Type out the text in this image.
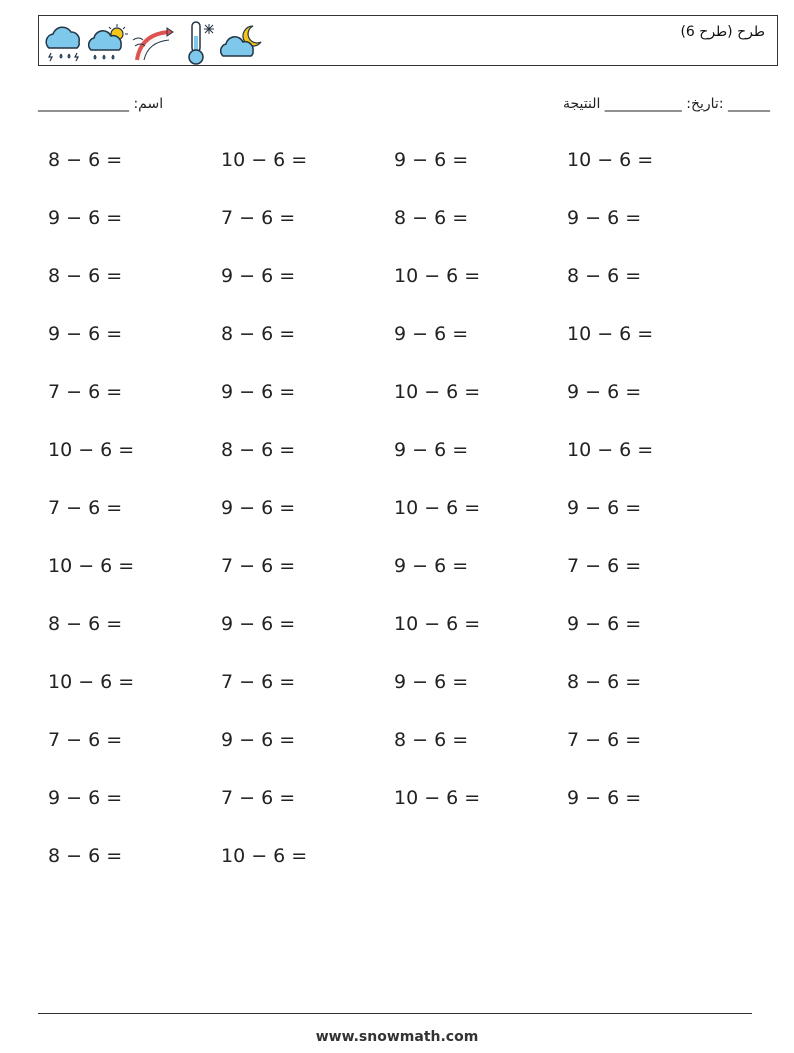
طرح (طرح 6)
اسم: _____________	______ :تاريخ: ___________ النتيجة
8 − 6 =	10 − 6 =	9 − 6 =	10 − 6 =
9 − 6 =	7 − 6 =	8 − 6 =	9 − 6 =
8 − 6 =	9 − 6 =	10 − 6 =	8 − 6 =
9 − 6 =	8 − 6 =	9 − 6 =	10 − 6 =
7 − 6 =	9 − 6 =	10 − 6 =	9 − 6 =
10 − 6 =	8 − 6 =	9 − 6 =	10 − 6 =
7 − 6 =	9 − 6 =	10 − 6 =	9 − 6 =
10 − 6 =	7 − 6 =	9 − 6 =	7 − 6 =
8 − 6 =	9 − 6 =	10 − 6 =	9 − 6 =
10 − 6 =	7 − 6 =	9 − 6 =	8 − 6 =
7 − 6 =	9 − 6 =	8 − 6 =	7 − 6 =
9 − 6 =	7 − 6 =	10 − 6 =	9 − 6 =
8 − 6 =	10 − 6 =
www.snowmath.com
